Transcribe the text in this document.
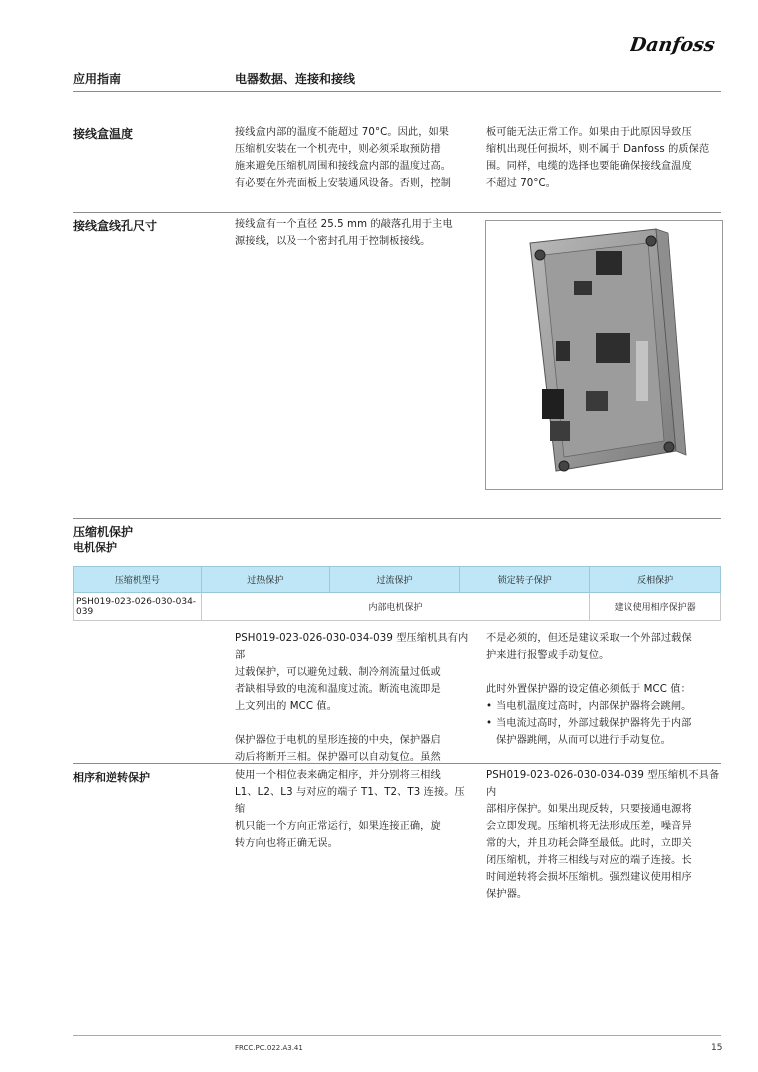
Danfoss
应用指南	电器数据、连接和接线
接线盒温度	接线盒内部的温度不能超过 70°C。因此，如果

压缩机安装在一个机壳中，则必须采取预防措

施来避免压缩机周围和接线盒内部的温度过高。

有必要在外壳面板上安装通风设备。否则，控制

板可能无法正常工作。如果由于此原因导致压

缩机出现任何损坏，则不属于 Danfoss 的质保范

围。同样，电缆的选择也要能确保接线盒温度

不超过 70°C。

接线盒线孔尺寸	接线盒有一个直径 25.5 mm 的敲落孔用于主电

源接线，以及一个密封孔用于控制板接线。

压缩机保护
电机保护
压缩机型号	过热保护	过流保护	锁定转子保护	反相保护
PSH019-023-026-030-034-039	内部电机保护			建议使用相序保护器

PSH019-023-026-030-034-039 型压缩机具有内部

过载保护，可以避免过载、制冷剂流量过低或

者缺相导致的电流和温度过流。断流电流即是

上文列出的 MCC 值。

保护器位于电机的星形连接的中央，保护器启

动后将断开三相。保护器可以自动复位。虽然

不是必须的，但还是建议采取一个外部过载保

护来进行报警或手动复位。

此时外置保护器的设定值必须低于 MCC 值：

• 当电机温度过高时，内部保护器将会跳闸。
• 当电流过高时，外部过载保护器将先于内部
保护器跳闸，从而可以进行手动复位。
相序和逆转保护	使用一个相位表来确定相序，并分别将三相线

L1、L2、L3 与对应的端子 T1、T2、T3 连接。压缩

机只能一个方向正常运行，如果连接正确，旋

转方向也将正确无误。

PSH019-023-026-030-034-039 型压缩机不具备内

部相序保护。如果出现反转，只要接通电源将

会立即发现。压缩机将无法形成压差，噪音异

常的大，并且功耗会降至最低。此时，立即关

闭压缩机，并将三相线与对应的端子连接。长

时间逆转将会损坏压缩机。强烈建议使用相序

保护器。

FRCC.PC.022.A3.41	15
